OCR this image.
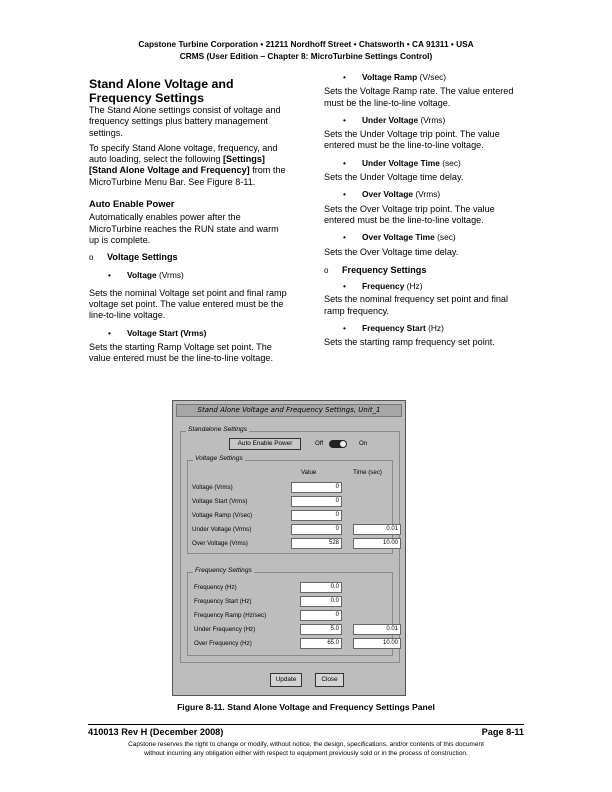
Capstone Turbine Corporation • 21211 Nordhoff Street • Chatsworth • CA 91311 • USA
CRMS (User Edition – Chapter 8: MicroTurbine Settings Control)

Stand Alone Voltage and Frequency Settings

The Stand Alone settings consist of voltage and frequency settings plus battery management settings.

To specify Stand Alone voltage, frequency, and auto loading, select the following [Settings][Stand Alone Voltage and Frequency] from the MicroTurbine Menu Bar. See Figure 8-11.

Auto Enable Power

Automatically enables power after the MicroTurbine reaches the RUN state and warm up is complete.

o Voltage Settings

• Voltage (Vrms)

Sets the nominal Voltage set point and final ramp voltage set point. The value entered must be the line-to-line voltage.

• Voltage Start (Vrms)

Sets the starting Ramp Voltage set point. The value entered must be the line-to-line voltage.

• Voltage Ramp (V/sec)

Sets the Voltage Ramp rate. The value entered must be the line-to-line voltage.

• Under Voltage (Vrms)

Sets the Under Voltage trip point. The value entered must be the line-to-line voltage.

• Under Voltage Time (sec)

Sets the Under Voltage time delay.

• Over Voltage (Vrms)

Sets the Over Voltage trip point. The value entered must be the line-to-line voltage.

• Over Voltage Time (sec)

Sets the Over Voltage time delay.

o Frequency Settings

• Frequency (Hz)

Sets the nominal frequency set point and final ramp frequency.

• Frequency Start (Hz)

Sets the starting ramp frequency set point.

Stand Alone Voltage and Frequency Settings, Unit_1
Standalone Settings
Auto Enable Power	Off	On
Voltage Settings
Value	Time (sec)
Voltage (Vrms)	0
Voltage Start (Vrms)	0
Voltage Ramp (V/sec)	0
Under Voltage (Vrms)	0	0.01
Over Voltage (Vrms)	528	10.00
Frequency Settings
Frequency (Hz)	0.0
Frequency Start (Hz)	0.0
Frequency Ramp (Hz/sec)	0
Under Frequency (Hz)	5.0	0.01
Over Frequency (Hz)	65.0	10.00
Update	Close
Figure 8-11. Stand Alone Voltage and Frequency Settings Panel
410013 Rev H (December 2008)	Page 8-11
Capstone reserves the right to change or modify, without notice, the design, specifications, and/or contents of this document
without incurring any obligation either with respect to equipment previously sold or in the process of construction.
